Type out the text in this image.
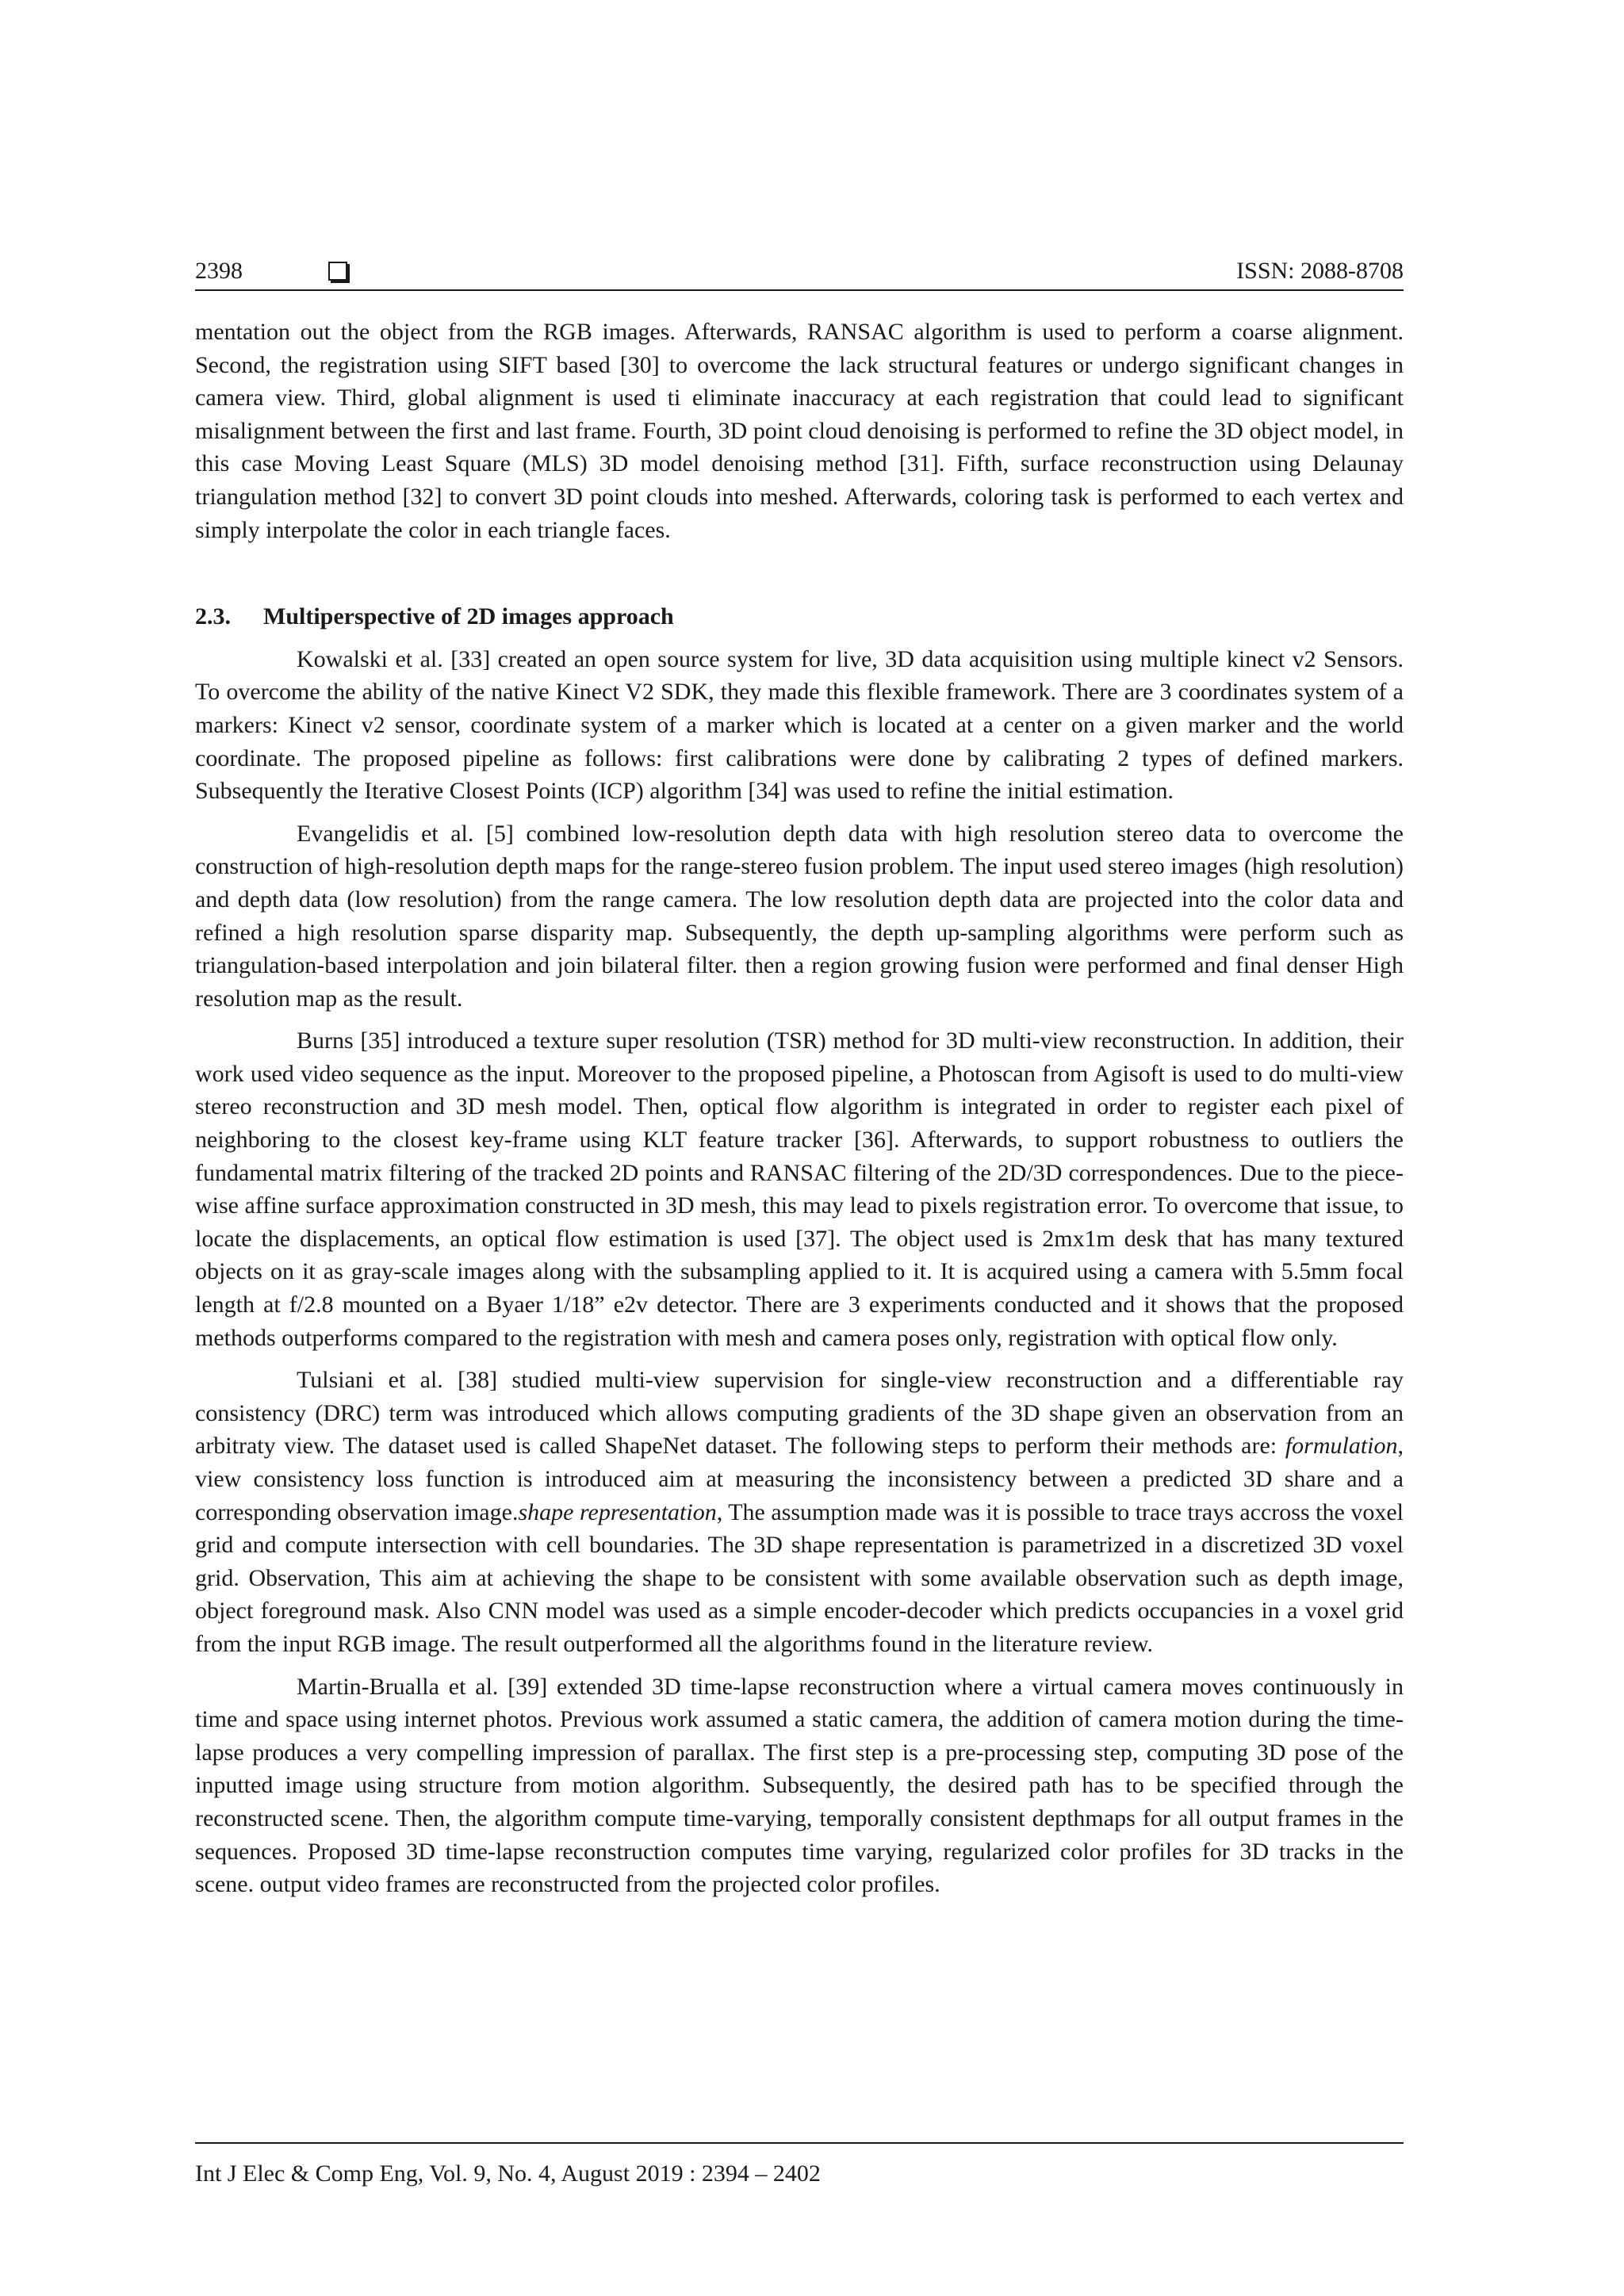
2398	ISSN: 2088-8708

mentation out the object from the RGB images. Afterwards, RANSAC algorithm is used to perform a coarse alignment. Second, the registration using SIFT based [30] to overcome the lack structural features or undergo significant changes in camera view. Third, global alignment is used ti eliminate inaccuracy at each registration that could lead to significant misalignment between the first and last frame. Fourth, 3D point cloud denoising is performed to refine the 3D object model, in this case Moving Least Square (MLS) 3D model denoising method [31]. Fifth, surface reconstruction using Delaunay triangulation method [32] to convert 3D point clouds into meshed. Afterwards, coloring task is performed to each vertex and simply interpolate the color in each triangle faces.

2.3. Multiperspective of 2D images approach

Kowalski et al. [33] created an open source system for live, 3D data acquisition using multiple kinect v2 Sensors. To overcome the ability of the native Kinect V2 SDK, they made this flexible framework. There are 3 coordinates system of a markers: Kinect v2 sensor, coordinate system of a marker which is located at a center on a given marker and the world coordinate. The proposed pipeline as follows: first calibrations were done by calibrating 2 types of defined markers. Subsequently the Iterative Closest Points (ICP) algorithm [34] was used to refine the initial estimation.

Evangelidis et al. [5] combined low-resolution depth data with high resolution stereo data to overcome the construction of high-resolution depth maps for the range-stereo fusion problem. The input used stereo images (high resolution) and depth data (low resolution) from the range camera. The low resolution depth data are projected into the color data and refined a high resolution sparse disparity map. Subsequently, the depth up-sampling algorithms were perform such as triangulation-based interpolation and join bilateral filter. then a region growing fusion were performed and final denser High resolution map as the result.

Burns [35] introduced a texture super resolution (TSR) method for 3D multi-view reconstruction. In addition, their work used video sequence as the input. Moreover to the proposed pipeline, a Photoscan from Agisoft is used to do multi-view stereo reconstruction and 3D mesh model. Then, optical flow algorithm is integrated in order to register each pixel of neighboring to the closest key-frame using KLT feature tracker [36]. Afterwards, to support robustness to outliers the fundamental matrix filtering of the tracked 2D points and RANSAC filtering of the 2D/3D correspondences. Due to the piece-wise affine surface approximation constructed in 3D mesh, this may lead to pixels registration error. To overcome that issue, to locate the displacements, an optical flow estimation is used [37]. The object used is 2mx1m desk that has many textured objects on it as gray-scale images along with the subsampling applied to it. It is acquired using a camera with 5.5mm focal length at f/2.8 mounted on a Byaer 1/18” e2v detector. There are 3 experiments conducted and it shows that the proposed methods outperforms compared to the registration with mesh and camera poses only, registration with optical flow only.

Tulsiani et al. [38] studied multi-view supervision for single-view reconstruction and a differentiable ray consistency (DRC) term was introduced which allows computing gradients of the 3D shape given an observation from an arbitraty view. The dataset used is called ShapeNet dataset. The following steps to perform their methods are: formulation, view consistency loss function is introduced aim at measuring the inconsistency between a predicted 3D share and a corresponding observation image.shape representation, The assumption made was it is possible to trace trays accross the voxel grid and compute intersection with cell boundaries. The 3D shape representation is parametrized in a discretized 3D voxel grid. Observation, This aim at achieving the shape to be consistent with some available observation such as depth image, object foreground mask. Also CNN model was used as a simple encoder-decoder which predicts occupancies in a voxel grid from the input RGB image. The result outperformed all the algorithms found in the literature review.

Martin-Brualla et al. [39] extended 3D time-lapse reconstruction where a virtual camera moves continuously in time and space using internet photos. Previous work assumed a static camera, the addition of camera motion during the time-lapse produces a very compelling impression of parallax. The first step is a pre-processing step, computing 3D pose of the inputted image using structure from motion algorithm. Subsequently, the desired path has to be specified through the reconstructed scene. Then, the algorithm compute time-varying, temporally consistent depthmaps for all output frames in the sequences. Proposed 3D time-lapse reconstruction computes time varying, regularized color profiles for 3D tracks in the scene. output video frames are reconstructed from the projected color profiles.

Int J Elec & Comp Eng, Vol. 9, No. 4, August 2019 : 2394 – 2402
